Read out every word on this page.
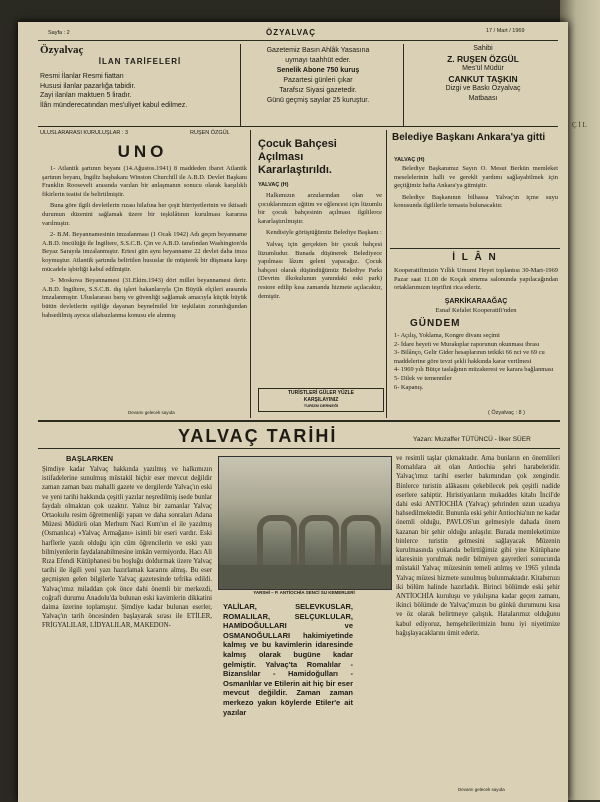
Ç İ L
Sayfa : 2	ÖZYALVAÇ	17 / Mart / 1969
Özyalvaç
İLAN TARİFELERİ
Resmi İlanlar Resmi fiattan
Hususi ilanlar pazarlığa tabidir.
Zayi ilanları maktuen 5 liradır.
İlân münderecatından mes'uliyet kabul edilmez.
Gazetemiz Basın Ahlâk Yasasına
uymayı taahhüt eder.
Senelik Abone 750 kuruş
Pazartesi günleri çıkar
Tarafsız Siyasi gazetedir.
Günü geçmiş sayılar 25 kuruştur.
Sahibi
Z. RUŞEN ÖZGÜL
Mes'ül Müdür
CANKUT TAŞKIN
Dizgi ve Baskı Özyalvaç
Matbaası
ULUSLARARASI KURULUŞLAR : 3	RUŞEN ÖZGÜL
UNO

1- Atlantik şartının beyanı (14.Ağustos.1941) 8 maddeden ibaret Atlantik şartının beyanı, İngiliz başbakanı Winston Churchill ile A.B.D. Devlet Başkanı Franklin Roosevelt arasında varılan bir anlaşmanın sonucu olarak karşılıklı fikirlerin teatisi ile belirtilmiştir.

Buna göre ilgili devletlerin rızası hilafına her çeşit hürriyetlerinin ve iktisadi durumun düzenini sağlamak üzere bir teşkilâtının kurulması kararına varılmıştır.

2- B.M. Beyannamesinin imzalanması (1 Ocak 1942) Adı geçen beyanname A.B.D. öncülüğü ile İngiltere, S.S.C.B. Çin ve A.B.D. tarafından Washington'da Beyaz Sarayda imzalanmıştır. Ertesi gün aynı beyanname 22 devlet daha imza koymuştur. Atlantik şartında belirtilen hususlar ile müşterek bir düşmana karşı mücadele işbirliği kabul edilmiştir.

3- Moskova Beyannamesi (31.Ekim.1943) dört millet beyannamesi derir. A.B.D. İngiltere, S.S.C.B. dış işleri bakanlarıyla Çin Büyük elçileri arasında imzalanmıştır. Uluslararası barış ve güvenliği sağlamak amacıyla küçük büyük bütün devletlerin eşitliğe dayanan beynelmilel bir teşkilatın zorunluğundan bahsedilmiş ayrıca silahsızlanma konusu ele alınmış

Devamı gelecek sayıda
Çocuk Bahçesi
Açılması
Kararlaştırıldı.
YALVAÇ (H)

Halkımızın arzularından olan ve çocuklarımızın eğitim ve eğlencesi için lüzumlu bir çocuk bahçesinin açılması ilgililerce kararlaştırılmıştır.

Kendisiyle görüştüğümüz Belediye Başkanı :

Yalvaç için gerçekten bir çocuk bahçesi lüzumludur. Bunada düşünerek Belediyece yapılması lâzım geleni yapacağız. Çocuk bahçesi olarak düşündüğümüz Belediye Parkı (Devrim ilkokulunun yanındaki eski park) restore edilip kısa zamanda hizmete açılacaktır, demiştir.

TURİSTLERİ GÜLER YÜZLE
KARŞILAYINIZ
TURİZM DERNEĞİ
Belediye Başkanı Ankara'ya gitti
YALVAÇ (H)

Belediye Başkanımız Sayın O. Mesut Berkün memleket meselelerinin halli ve gerekli yardımı sağlayabilmek için geçtiğimiz hafta Ankara'ya gitmiştir.

Belediye Başkanının bilhassa Yalvaç'ın içme suyu konusunda ilgililerle temasta bulunacaktır.

İ L Â N
Kooperatifimizin Yıllık Umumi Heyet toplantısı 30-Mart-1969 Pazar saat 11.00 de Koçak sinema salonunda yapılacağından ortaklarımızın teşrifini rica ederiz.
ŞARKİKARAAĞAÇ
Esnaf Kefalet Kooperatifi'nden
GÜNDEM
1- Açılış, Yoklama, Kongre divanı seçimi
2- İdare heyeti ve Murakıplar raporunun okunması ibrası
3- Bilânço, Gelir Gider hesaplarının tetkiki 66 nci ve 69 cu maddelerine göre tevzi şekli hakkında karar verilmesi
4- 1969 yılı Bütçe taslağının müzakeresi ve karara bağlanması
5- Dilek ve temenniler
6- Kapanış.
( Özyalvaç : 8 )
YALVAÇ TARİHİ	Yazan: Muzaffer TÜTÜNCÜ - İlker SÜER
BAŞLARKEN
Şimdiye kadar Yalvaç hakkında yazılmış ve halkımızın istifadelerine sunulmuş müstakil hiçbir eser mevcut değildir zaman zaman bazı mahalli gazete ve dergilerde Yalvaç'ın eski ve yeni tarihi hakkında çeşitli yazılar neşredilmiş isede bunlar faydalı olmaktan çok uzaktır. Yalnız bir zamanlar Yalvaç Ortaokulu resim öğretmenliği yapan ve daha sonraları Adana Müzesi Müdürü olan Merhum Naci Kum'un el ile yazılmış (Osmanlıca) «Yalvaç Armağanı» isimli bir eseri vardır. Eski harflerle yazılı olduğu için cüm öğrencilerin ve eski yazı bilmiyenlerin faydalanabilmesine imkân vermiyordu. Hacı Ali Rıza Efendi Kütüphanesi bu boşluğu doldurmak üzere Yalvaç tarihi ile ilgili yeni yazı hazırlamak kararını almış. Bu eser geçmişten gelen bilgilerle Yalvaç gazetesinde tefrika edildi. Yalvaç'ımız miladdan çok önce dahi önemli bir merkezdi, coğrafi durumu Anadolu'da bulunan eski kavimlerin dikkatini daima üzerine toplamıştır. Şimdiye kadar bulunan eserler, Yalvaç'ın tarih öncesinden başlayarak sırası ile ETİLER, FRİGYALILAR, LİDYALILAR, MAKEDON-
YARSHİ – P. ANTİOCHİA SENCİ SU KEMERLERİ
YALİLAR, SELEVKUSLAR, ROMALILAR, SELÇUKLULAR, HAMİDOĞULLARI ve OSMANOĞULLARI hakimiyetinde kalmış ve bu kavimlerin idaresinde kalmış olarak bugüne kadar gelmiştir. Yalvaç'ta Romalılar - Bizanslılar - Hamidoğulları - Osmanlılar ve Etilerin ait hiç bir eser mevcut değildir. Zaman zaman merkezo yakın köylerde Etiler'e ait yazılar
ve resimli taşlar çıkmaktadır. Ama bunların en önemlileri Romalılara ait olan Antiochia şehri harabeleridir. Yalvaç'ımız tarihi eserler bakımından çok zengindir. Binlerce turistin alâkasını çekebilecek pek çeşitli nadide eserlere sahiptir. Hıristiyanların mukaddes kitabı İncil'de dahi eski ANTİOCHİA (Yalvaç) şehrinden uzun uzadıya bahsedilmektedir. Bununla eski şehir Antiochia'nın ne kadar önemli olduğu, PAVLOS'un gelmesiyle dahada önem kazanan bir şehir olduğu anlaşılır. Burada memleketimize binlerce turistin gelmesini sağlayacak Müzenin kurulmasında yukarıda belirttiğimiz gibi yine Kütüphane idaresinin yorulmak nedir bilmiyen gayretleri sonucunda müstakil Yalvaç müzesinin temeli atılmış ve 1965 yılında Yalvaç müzesi hizmete sunulmuş bulunmaktadır. Kitabımızı iki bölüm halinde hazırladık. Birinci bölümde eski şehir ANTİOCHİA kuruluşu ve yıkılışına kadar geçen zamanı, ikinci bölümde de Yalvaç'ımızın bu günkü durumunu kısa ve öz olarak belirtmeye çalıştık. Hatalarımız olduğunu kabul ediyoruz, hemşehrilerimizin bunu iyi niyetimize bağışlayacaklarını ümit ederiz.
Devamı gelecek sayıda
